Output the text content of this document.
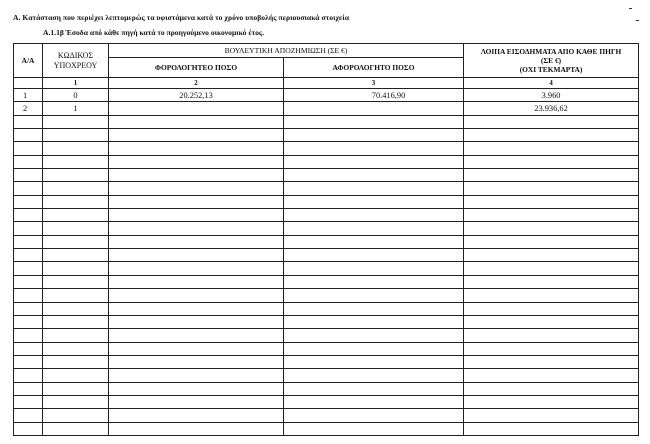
Α. Κατάσταση που περιέχει λεπτομερώς τα υφιστάμενα κατά το χρόνο υποβολής περιουσιακά στοιχεία
Α.1.1β Έσοδα από κάθε πηγή κατά το προηγούμενο οικονομικό έτος.
Α/Α	ΚΩΔΙΚΟΣ ΥΠΟΧΡΕΟΥ	ΒΟΥΛΕΥΤΙΚΗ ΑΠΟΖΗΜΙΩΣΗ (ΣΕ €)		ΛΟΙΠΑ ΕΙΣΟΔΗΜΑΤΑ ΑΠΟ ΚΑΘΕ ΠΗΓΗ
(ΣΕ €)
(ΟΧΙ ΤΕΚΜΑΡΤΑ)

		ΦΟΡΟΛΟΓΗΤΕΟ ΠΟΣΟ	ΑΦΟΡΟΛΟΓΗΤΟ ΠΟΣΟ	
	1	2	3	4
1	0	20.252,13	70.416,90	3.960
2	1			23.936,62
